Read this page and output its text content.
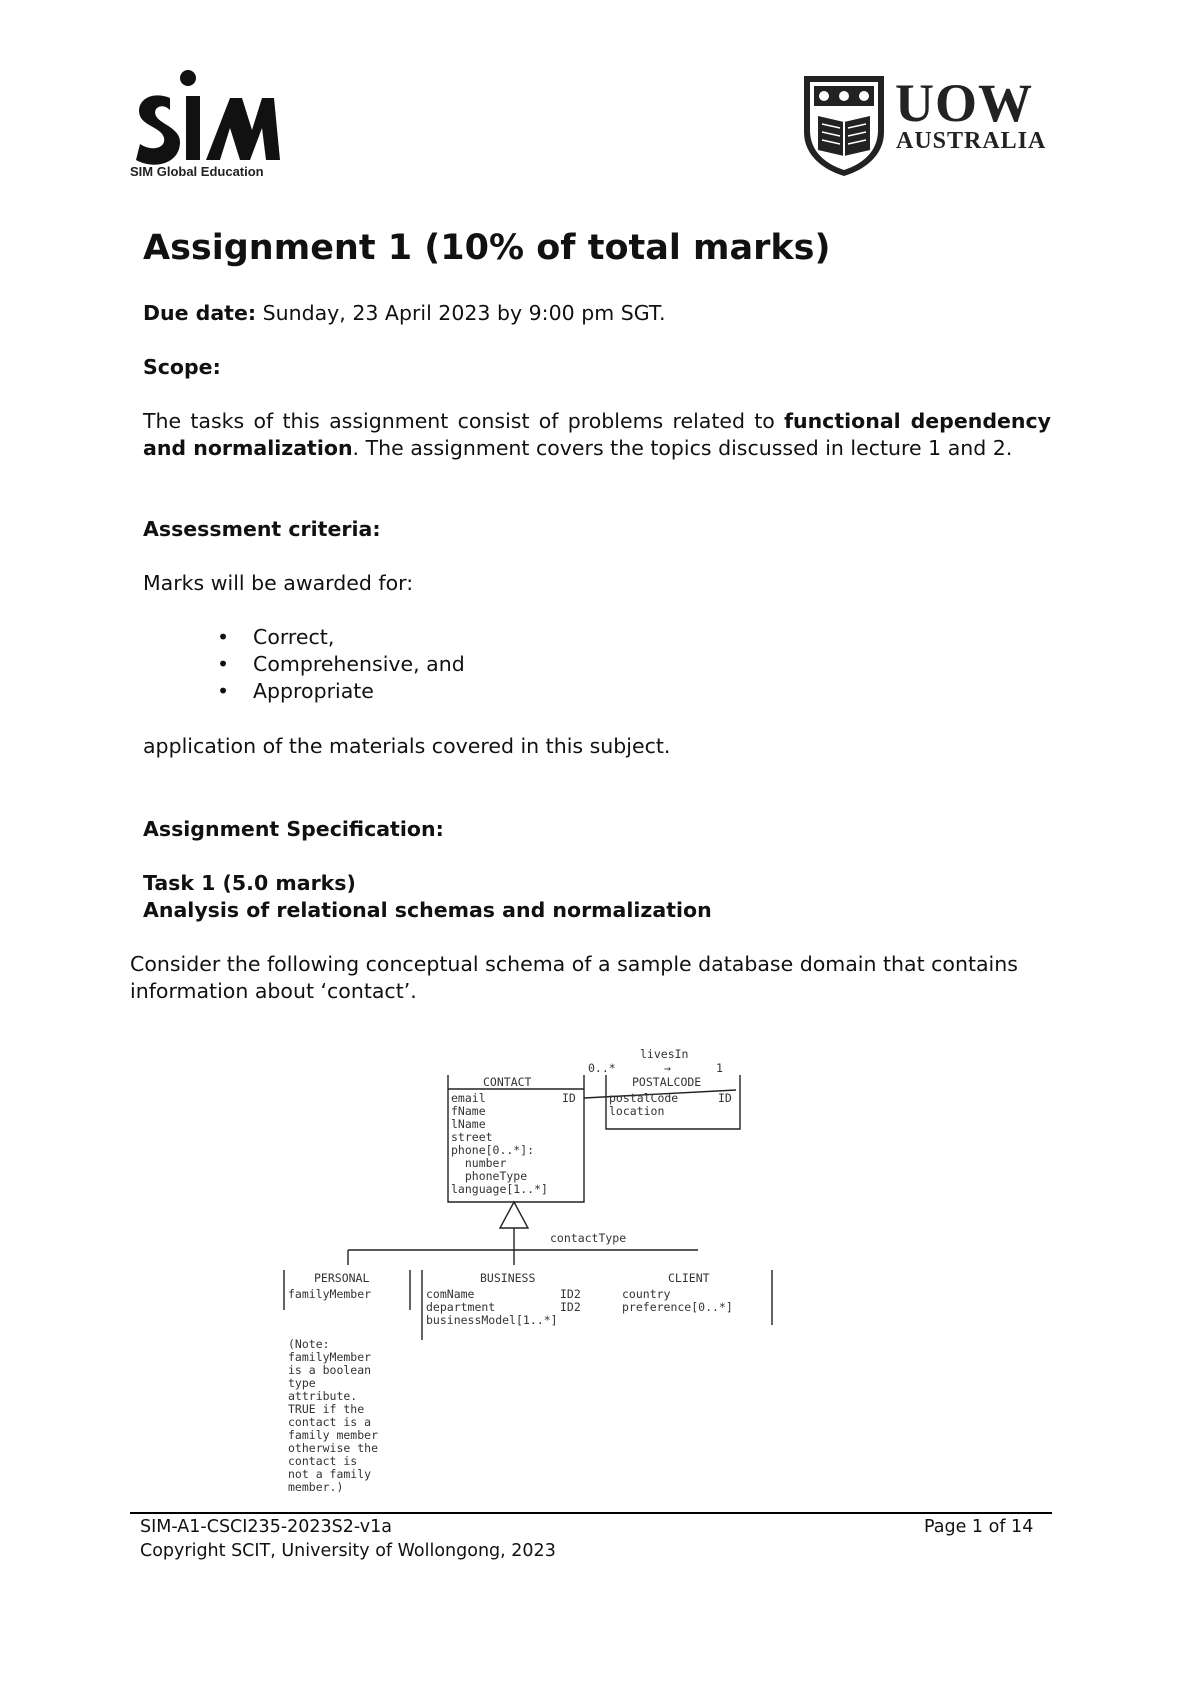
SIM Global Education
UOW
AUSTRALIA
Assignment 1 (10% of total marks)
Due date: Sunday, 23 April 2023 by 9:00 pm SGT.
Scope:
The tasks of this assignment consist of problems related to functional dependency and normalization. The assignment covers the topics discussed in lecture 1 and 2.
Assessment criteria:
Marks will be awarded for:
• Correct,
• Comprehensive, and
• Appropriate
application of the materials covered in this subject.
Assignment Specification:
Task 1 (5.0 marks)
Analysis of relational schemas and normalization
Consider the following conceptual schema of a sample database domain that contains information about ‘contact’.
livesIn
0..*	→	1
CONTACT
ID
email
fName
lName
street
phone[0..*]:
number
phoneType
language[1..*]
POSTALCODE
postalCode
location
ID
contactType
PERSONAL
familyMember
BUSINESS
comName
department
businessModel[1..*]
ID2
ID2
CLIENT
country
preference[0..*]
(Note:
familyMember
is a boolean
type
attribute.
TRUE if the
contact is a
family member
otherwise the
contact is
not a family
member.)
SIM-A1-CSCI235-2023S2-v1a	Page 1 of 14
Copyright SCIT, University of Wollongong, 2023
